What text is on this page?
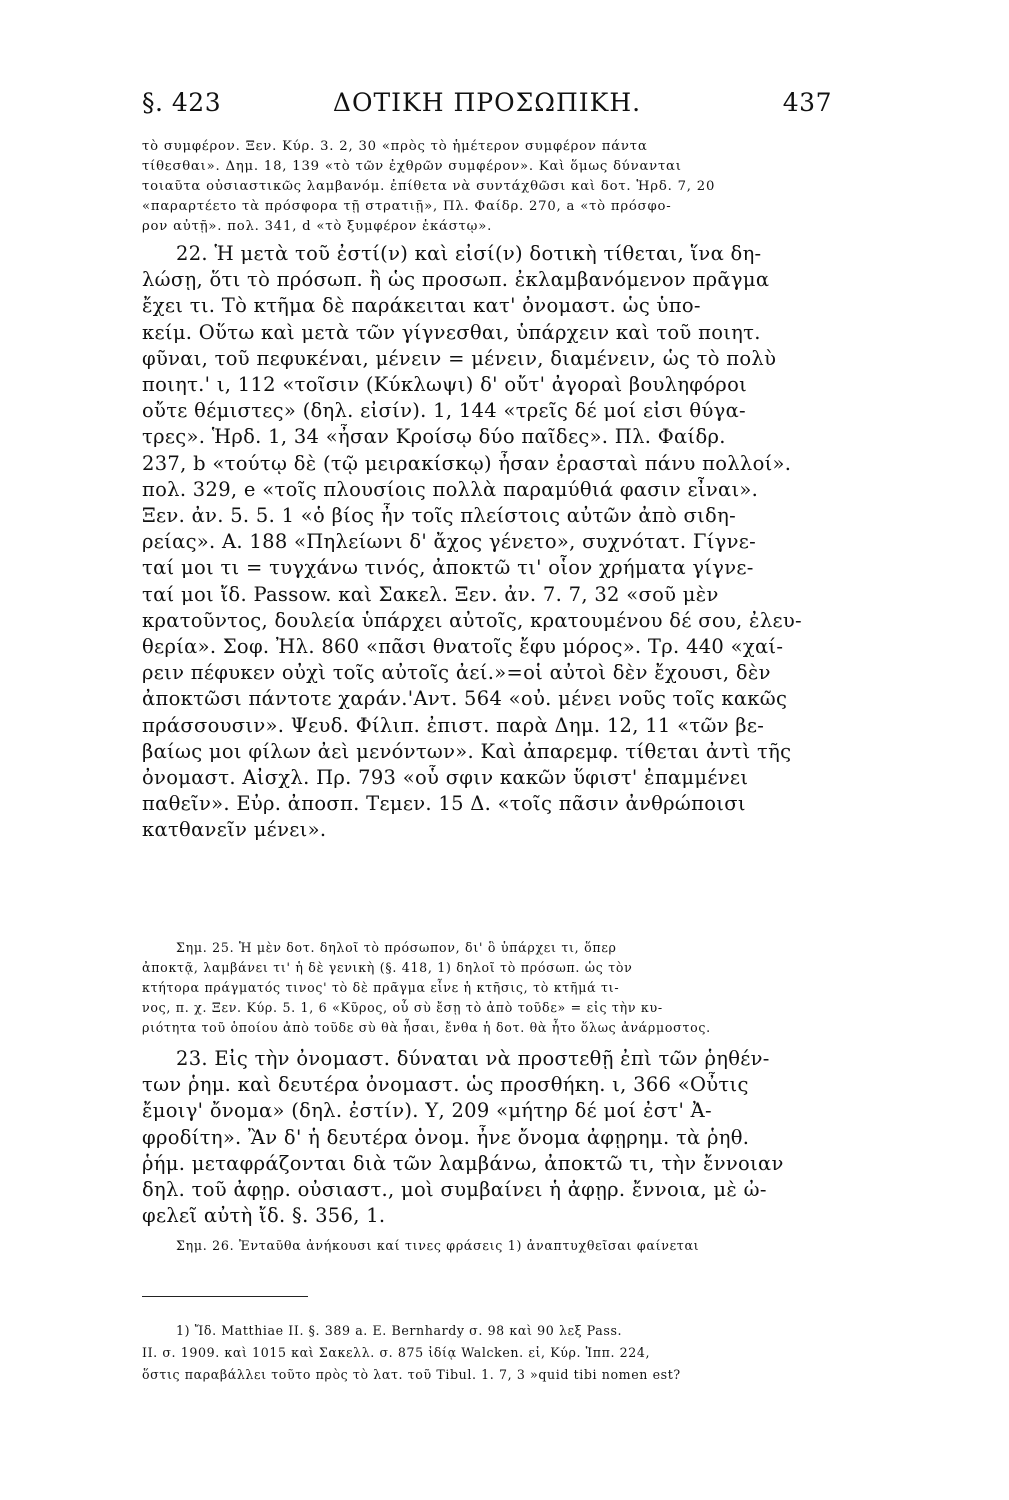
§. 423	ΔΟΤΙΚΗ ΠΡΟΣΩΠΙΚΗ.	437
τὸ συμφέρον. Ξεν. Κύρ. 3. 2, 30 «πρὸς τὸ ἡμέτερον συμφέρον πάντα
τίθεσθαι». Δημ. 18, 139 «τὸ τῶν ἐχθρῶν συμφέρον». Καὶ ὅμως δύνανται
τοιαῦτα οὐσιαστικῶς λαμβανόμ. ἐπίθετα νὰ συντάχθῶσι καὶ δοτ. Ἡρδ. 7, 20
«παραρτέετο τὰ πρόσφορα τῇ στρατιῇ», Πλ. Φαίδρ. 270, a «τὸ πρόσφο-
ρον αὐτῇ». πολ. 341, d «τὸ ξυμφέρον ἑκάστῳ».
22. Ἡ μετὰ τοῦ ἐστί(ν) καὶ εἰσί(ν) δοτικὴ τίθεται, ἵνα δη-
λώσῃ, ὅτι τὸ πρόσωπ. ἢ ὡς προσωπ. ἐκλαμβανόμενον πρᾶγμα
ἔχει τι. Τὸ κτῆμα δὲ παράκειται κατ' ὀνομαστ. ὡς ὑπο-
κείμ. Οὕτω καὶ μετὰ τῶν γίγνεσθαι, ὑπάρχειν καὶ τοῦ ποιητ.
φῦναι, τοῦ πεφυκέναι, μένειν = μένειν, διαμένειν, ὡς τὸ πολὺ
ποιητ.' ι, 112 «τοῖσιν (Κύκλωψι) δ' οὔτ' ἀγοραὶ βουληφόροι
οὔτε θέμιστες» (δηλ. εἰσίν). 1, 144 «τρεῖς δέ μοί εἰσι θύγα-
τρες». Ἡρδ. 1, 34 «ἦσαν Κροίσῳ δύο παῖδες». Πλ. Φαίδρ.
237, b «τούτῳ δὲ (τῷ μειρακίσκῳ) ἦσαν ἐρασταὶ πάνυ πολλοί».
πολ. 329, e «τοῖς πλουσίοις πολλὰ παραμύθιά φασιν εἶναι».
Ξεν. ἀν. 5. 5. 1 «ὁ βίος ἦν τοῖς πλείστοις αὐτῶν ἀπὸ σιδη-
ρείας». Α. 188 «Πηλείωνι δ' ἄχος γένετο», συχνότατ. Γίγνε-
ταί μοι τι = τυγχάνω τινός, ἀποκτῶ τι' οἷον χρήματα γίγνε-
ταί μοι ἴδ. Passow. καὶ Σακελ. Ξεν. ἀν. 7. 7, 32 «σοῦ μὲν
κρατοῦντος, δουλεία ὑπάρχει αὐτοῖς, κρατουμένου δέ σου, ἐλευ-
θερία». Σοφ. Ἠλ. 860 «πᾶσι θνατοῖς ἔφυ μόρος». Τρ. 440 «χαί-
ρειν πέφυκεν οὐχὶ τοῖς αὐτοῖς ἀεί.»=οἱ αὐτοὶ δὲν ἔχουσι, δὲν
ἀποκτῶσι πάντοτε χαράν.'Αντ. 564 «οὐ. μένει νοῦς τοῖς κακῶς
πράσσουσιν». Ψευδ. Φίλιπ. ἐπιστ. παρὰ Δημ. 12, 11 «τῶν βε-
βαίως μοι φίλων ἀεὶ μενόντων». Καὶ ἀπαρεμφ. τίθεται ἀντὶ τῆς
ὀνομαστ. Αἰσχλ. Πρ. 793 «οὗ σφιν κακῶν ὕφιστ' ἐπαμμένει
παθεῖν». Εὐρ. ἀποσπ. Τεμεν. 15 Δ. «τοῖς πᾶσιν ἀνθρώποισι
κατθανεῖν μένει».
Σημ. 25. Ἡ μὲν δοτ. δηλοῖ τὸ πρόσωπον, δι' ὃ ὑπάρχει τι, ὅπερ
ἀποκτᾷ, λαμβάνει τι' ἡ δὲ γενικὴ (§. 418, 1) δηλοῖ τὸ πρόσωπ. ὡς τὸν
κτήτορα πράγματός τινος' τὸ δὲ πρᾶγμα εἶνε ἡ κτῆσις, τὸ κτῆμά τι-
νος, π. χ. Ξεν. Κύρ. 5. 1, 6 «Κῦρος, οὗ σὺ ἔσῃ τὸ ἀπὸ τοῦδε» = εἰς τὴν κυ-
ριότητα τοῦ ὁποίου ἀπὸ τοῦδε σὺ θὰ ἦσαι, ἔνθα ἡ δοτ. θὰ ἦτο ὅλως ἀνάρμοστος.
23. Εἰς τὴν ὀνομαστ. δύναται νὰ προστεθῇ ἐπὶ τῶν ῥηθέν-
των ῥημ. καὶ δευτέρα ὀνομαστ. ὡς προσθήκη. ι, 366 «Οὖτις
ἔμοιγ' ὄνομα» (δηλ. ἐστίν). Υ, 209 «μήτηρ δέ μοί ἐστ' Ἀ-
φροδίτη». Ἂν δ' ἡ δευτέρα ὀνομ. ἦνε ὄνομα ἀφῃρημ. τὰ ῥηθ.
ῥήμ. μεταφράζονται διὰ τῶν λαμβάνω, ἀποκτῶ τι, τὴν ἔννοιαν
δηλ. τοῦ ἀφῃρ. οὐσιαστ., μοὶ συμβαίνει ἡ ἀφῃρ. ἔννοια, μὲ ὠ-
φελεῖ αὐτὴ ἴδ. §. 356, 1.
Σημ. 26. Ἐνταῦθα ἀνήκουσι καί τινες φράσεις 1) ἀναπτυχθεῖσαι φαίνεται
1) Ἴδ. Matthiae II. §. 389 a. E. Bernhardy σ. 98 καὶ 90 λεξ Pass.
II. σ. 1909. καὶ 1015 καὶ Σακελλ. σ. 875 ἰδίᾳ Walcken. εἰ, Κύρ. Ἱππ. 224,
ὅστις παραβάλλει τοῦτο πρὸς τὸ λατ. τοῦ Tibul. 1. 7, 3 »quid tibi nomen est?
